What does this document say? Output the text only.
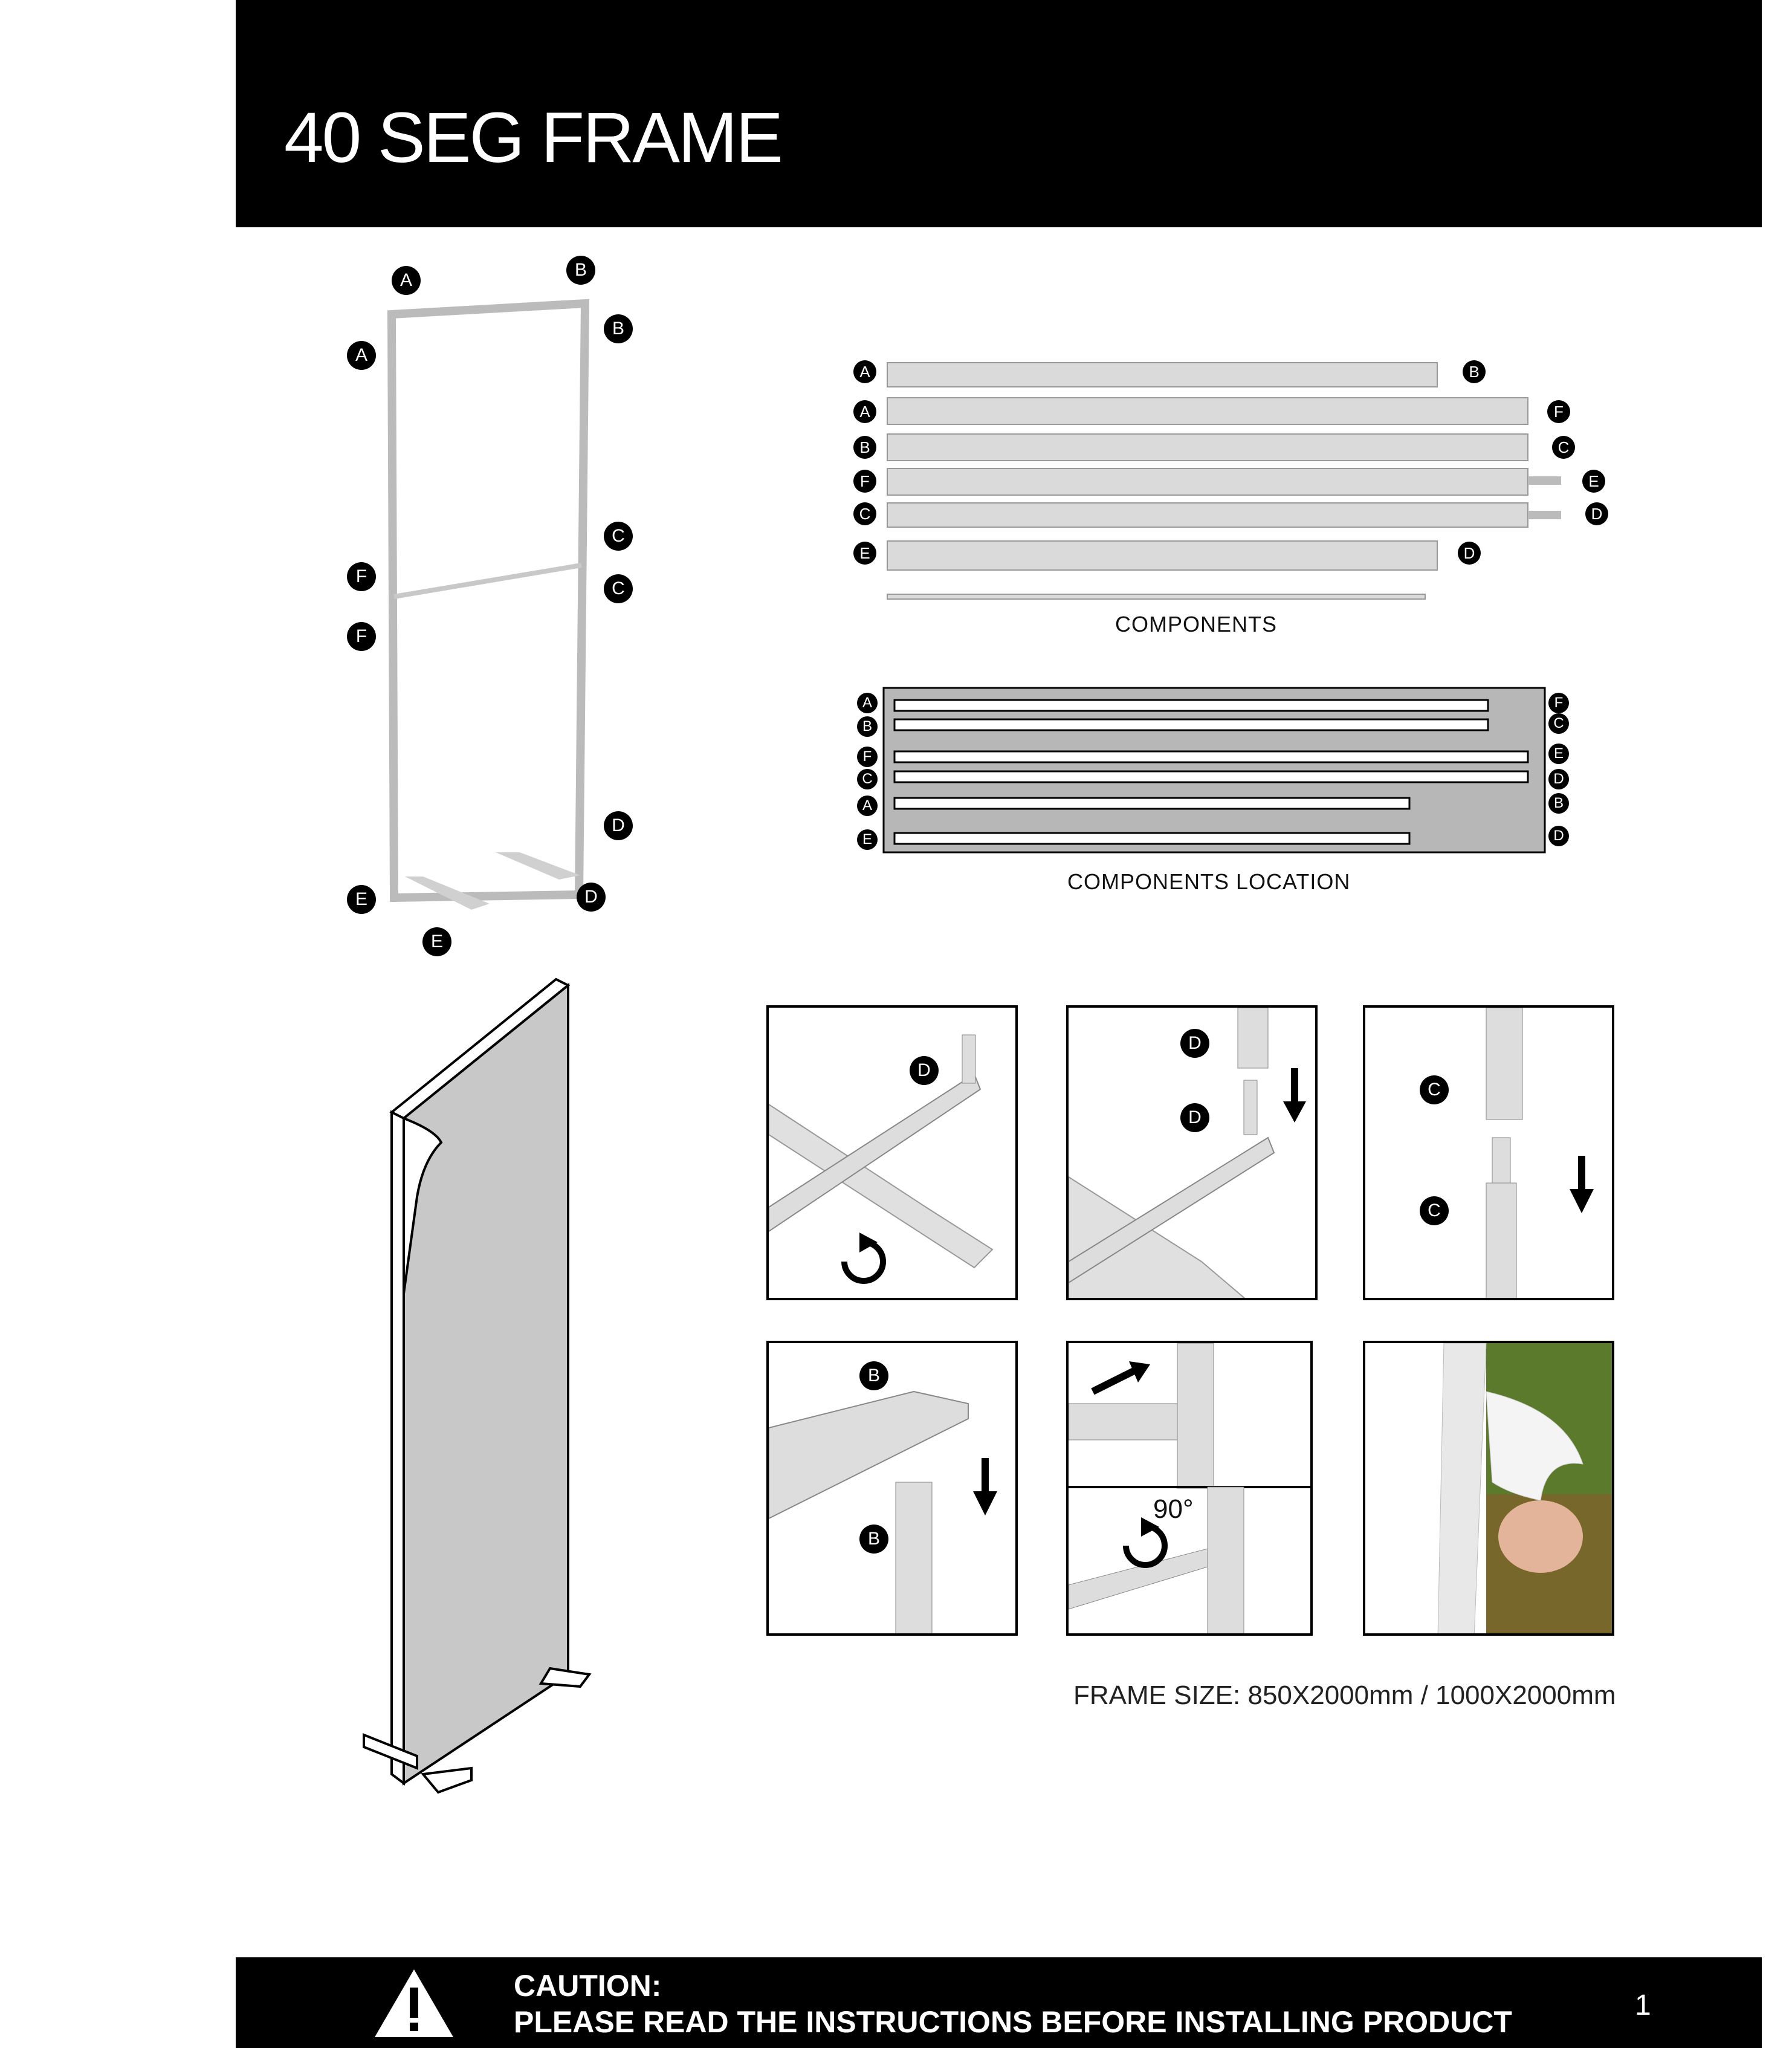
40 SEG FRAME
A
B
B
A
C
F
C
F
D
E	D
E
A	B
A	F
B	C
F	E
C	D
E	D
COMPONENTS
A
B
F
C
A
E
F
C
E
D
B
D
COMPONENTS LOCATION
D
D
D
C
C
B
B
90°
FRAME SIZE: 850X2000mm / 1000X2000mm
CAUTION:
PLEASE READ THE INSTRUCTIONS BEFORE INSTALLING PRODUCT	1
